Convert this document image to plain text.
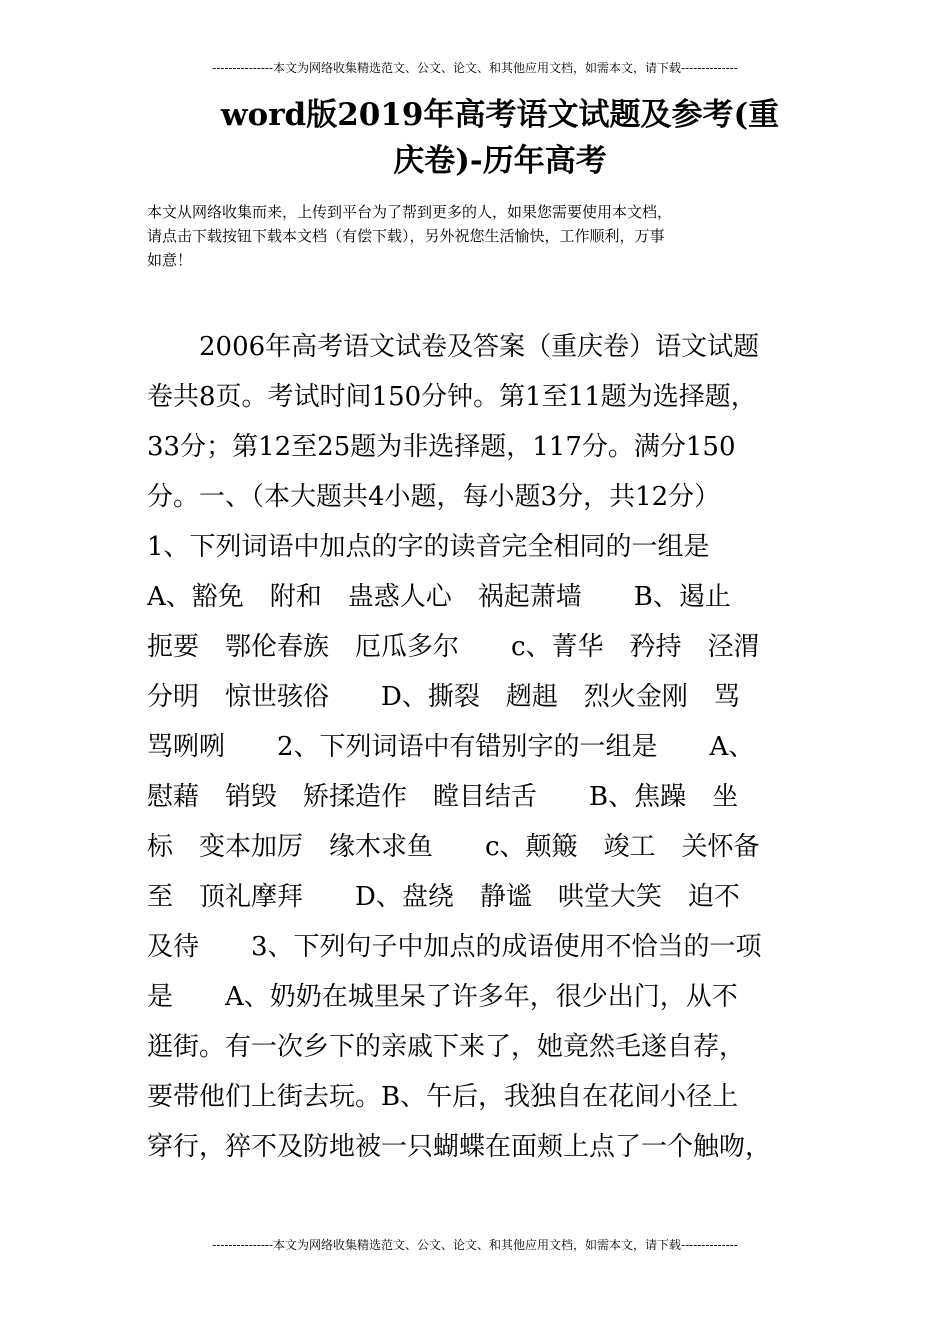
---------------本文为网络收集精选范文、公文、论文、和其他应用文档，如需本文，请下载--------------
word版2019年高考语文试题及参考(重
庆卷)-历年高考
本文从网络收集而来，上传到平台为了帮到更多的人，如果您需要使用本文档，
请点击下载按钮下载本文档（有偿下载），另外祝您生活愉快，工作顺利，万事
如意！
　　2006年高考语文试卷及答案（重庆卷）语文试题
卷共8页。考试时间150分钟。第1至11题为选择题，
33分；第12至25题为非选择题，117分。满分150
分。一、（本大题共4小题，每小题3分，共12分）
1、下列词语中加点的字的读音完全相同的一组是
A、豁免　附和　蛊惑人心　祸起萧墙　　B、遏止
扼要　鄂伦春族　厄瓜多尔　　c、菁华　矜持　泾渭
分明　惊世骇俗　　D、撕裂　趔趄　烈火金刚　骂
骂咧咧　　2、下列词语中有错别字的一组是　　A、
慰藉　销毁　矫揉造作　瞠目结舌　　B、焦躁　坐
标　变本加厉　缘木求鱼　　c、颠簸　竣工　关怀备
至　顶礼摩拜　　D、盘绕　静谧　哄堂大笑　迫不
及待　　3、下列句子中加点的成语使用不恰当的一项
是　　A、奶奶在城里呆了许多年，很少出门，从不
逛街。有一次乡下的亲戚下来了，她竟然毛遂自荐，
要带他们上街去玩。B、午后，我独自在花间小径上
穿行，猝不及防地被一只蝴蝶在面颊上点了一个触吻，
---------------本文为网络收集精选范文、公文、论文、和其他应用文档，如需本文，请下载--------------
